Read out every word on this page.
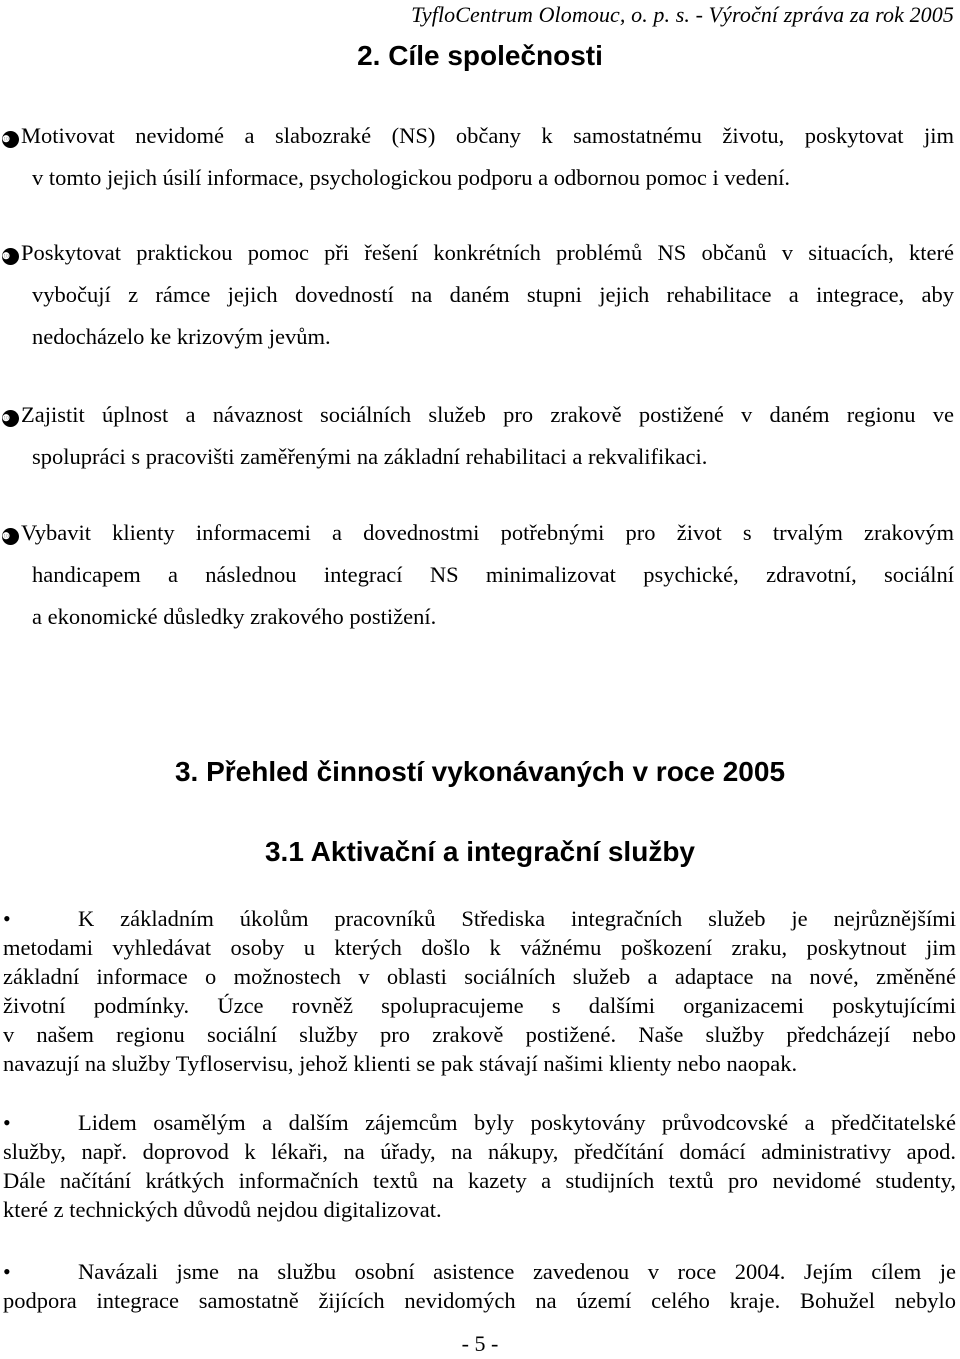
TyfloCentrum Olomouc, o. p. s. - Výroční zpráva za rok 2005
2. Cíle společnosti
❿ Motivovat nevidomé a slabozraké (NS) občany k samostatnému životu, poskytovat jim
v tomto jejich úsilí informace, psychologickou podporu a odbornou pomoc i vedení.
❿ Poskytovat praktickou pomoc při řešení konkrétních problémů NS občanů v situacích, které
vybočují z rámce jejich dovedností na daném stupni jejich rehabilitace a integrace, aby
nedocházelo ke krizovým jevům.
❿ Zajistit úplnost a návaznost sociálních služeb pro zrakově postižené v daném regionu ve
spolupráci s pracovišti zaměřenými na základní rehabilitaci a rekvalifikaci.
❿ Vybavit klienty informacemi a dovednostmi potřebnými pro život s trvalým zrakovým
handicapem a následnou integrací NS minimalizovat psychické, zdravotní, sociální
a ekonomické důsledky zrakového postižení.
3. Přehled činností vykonávaných v roce 2005
3.1 Aktivační a integrační služby
•	K základním úkolům pracovníků Střediska integračních služeb je nejrůznějšími
metodami vyhledávat osoby u kterých došlo k vážnému poškození zraku, poskytnout jim
základní informace o možnostech v oblasti sociálních služeb a adaptace na nové, změněné
životní podmínky. Úzce rovněž spolupracujeme s dalšími organizacemi poskytujícími
v našem regionu sociální služby pro zrakově postižené. Naše služby předcházejí nebo
navazují na služby Tyfloservisu, jehož klienti se pak stávají našimi klienty nebo naopak.
•	Lidem osamělým a dalším zájemcům byly poskytovány průvodcovské a předčitatelské
služby, např. doprovod k lékaři, na úřady, na nákupy, předčítání domácí administrativy apod.
Dále načítání krátkých informačních textů na kazety a studijních textů pro nevidomé studenty,
které z technických důvodů nejdou digitalizovat.
•	Navázali jsme na službu osobní asistence zavedenou v roce 2004. Jejím cílem je
podpora integrace samostatně žijících nevidomých na území celého kraje. Bohužel nebylo
- 5 -
